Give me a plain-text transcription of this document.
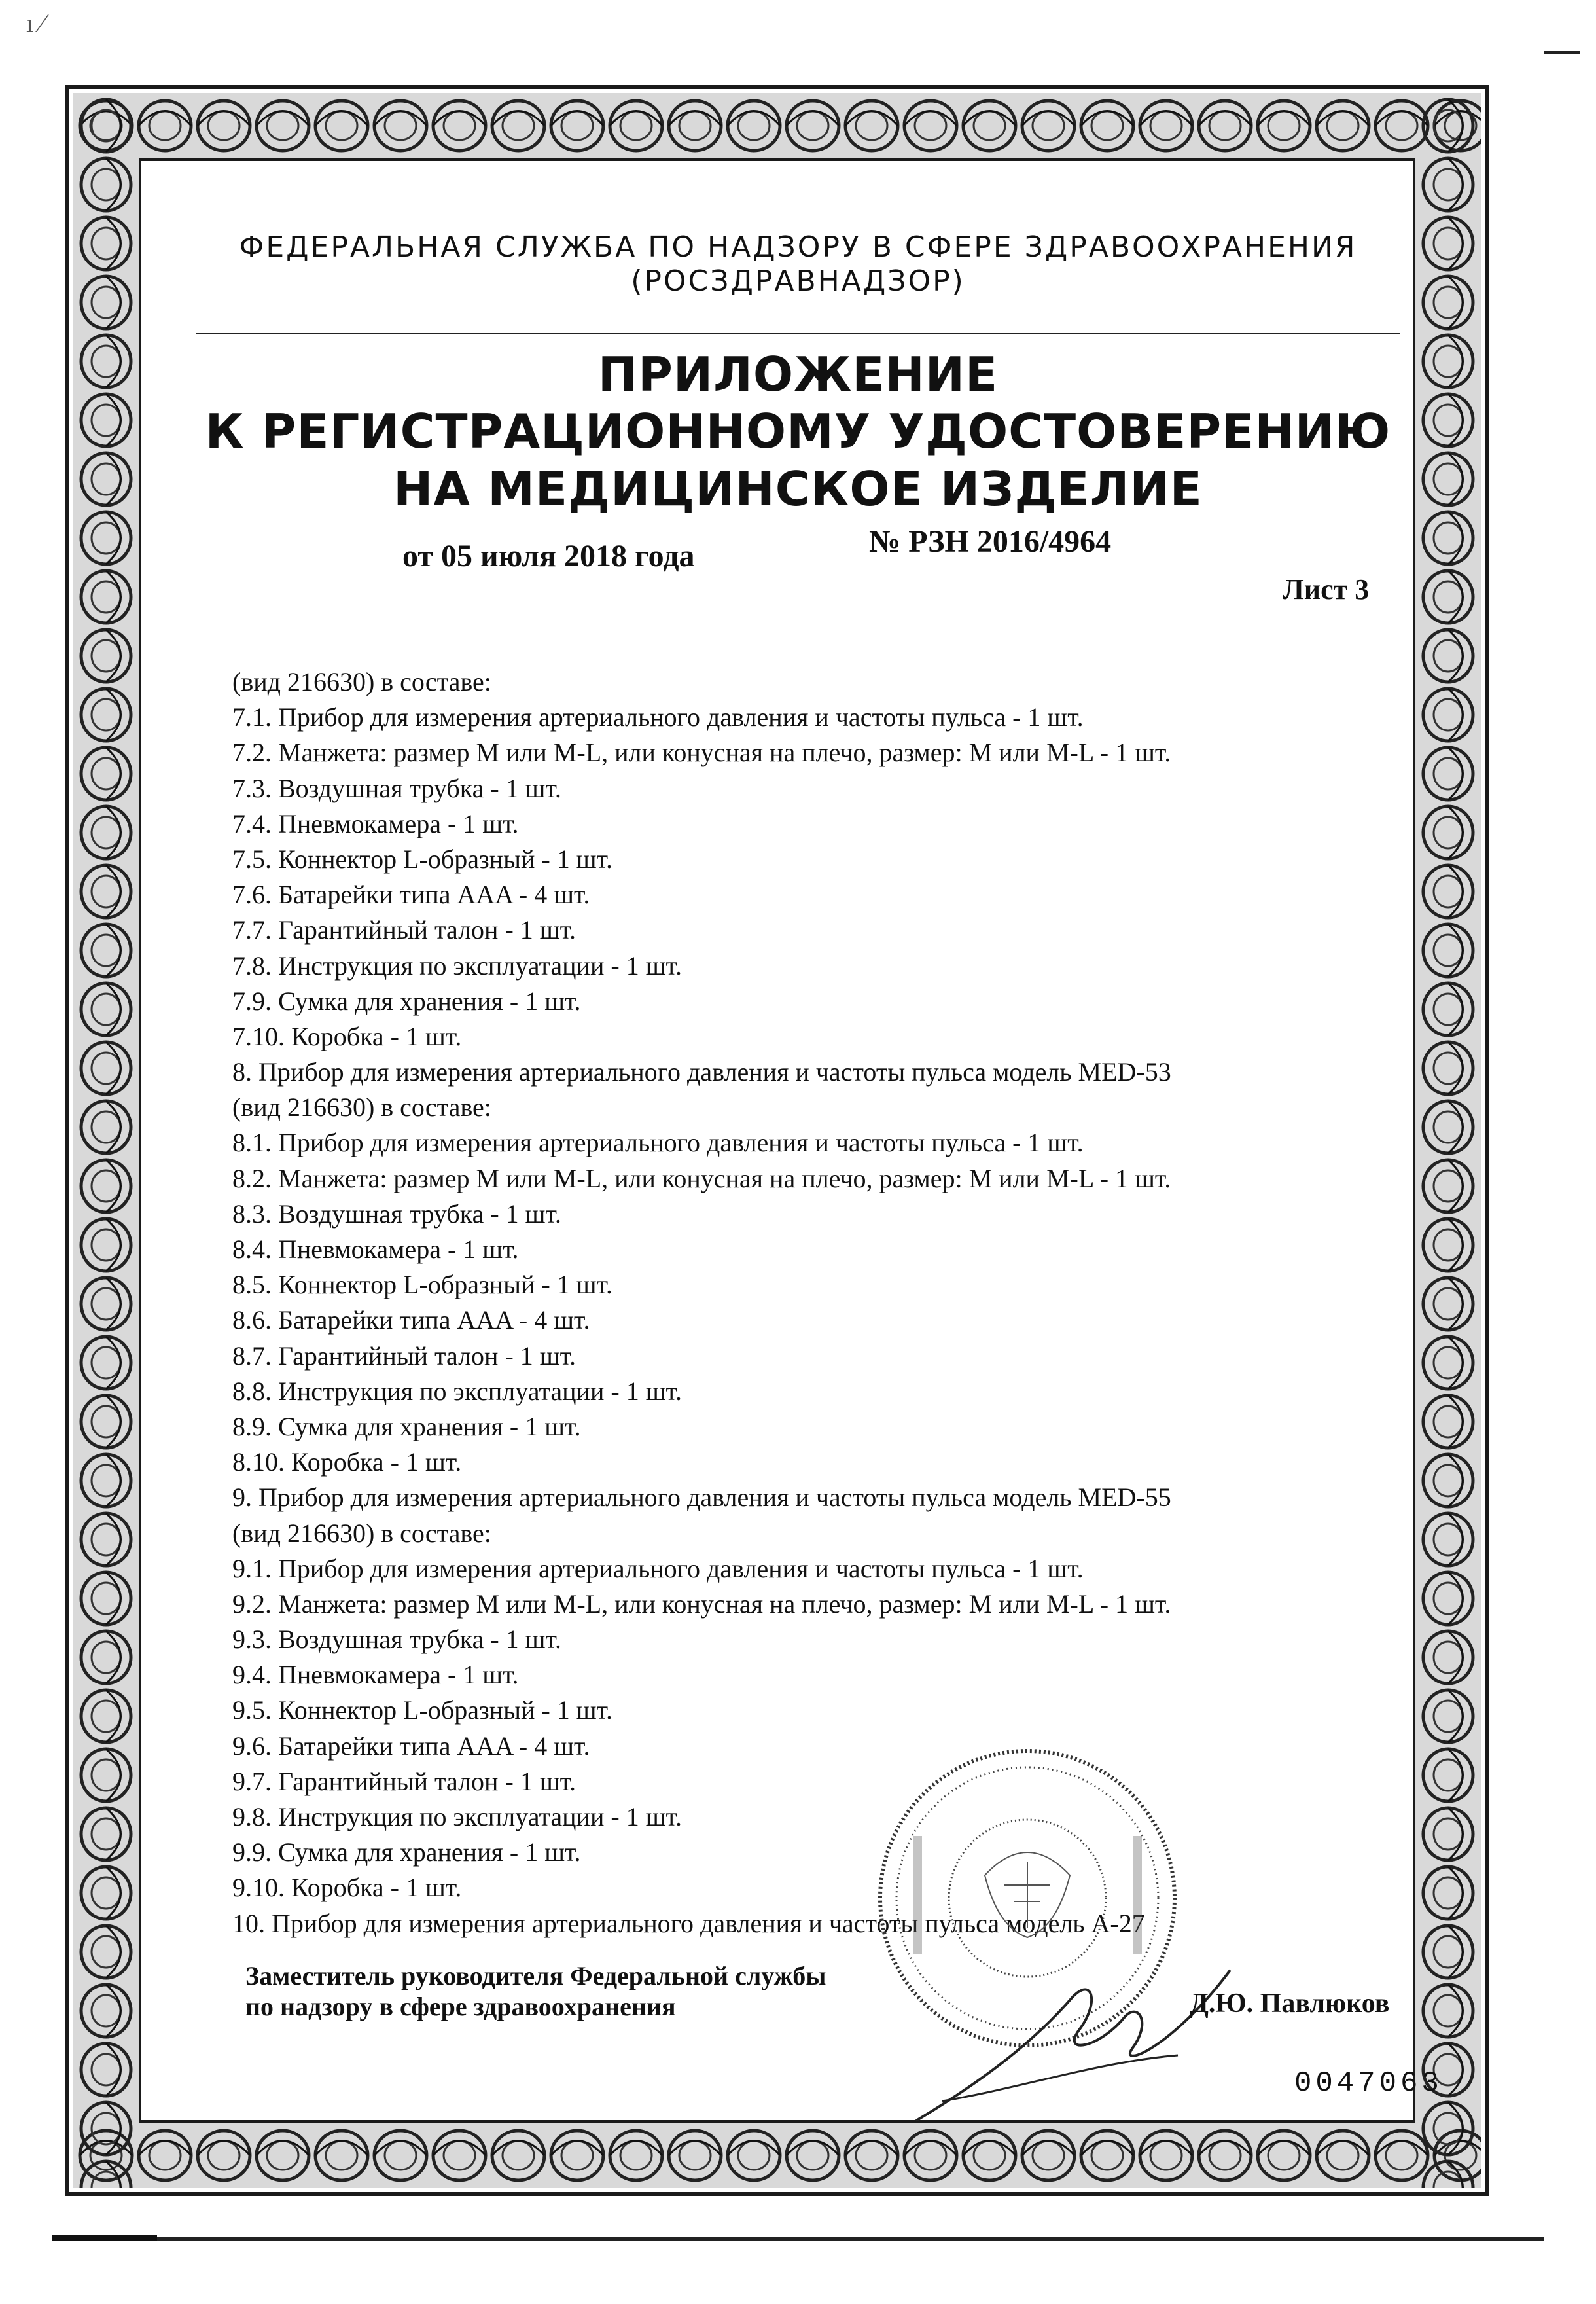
ı ⁄
ФЕДЕРАЛЬНАЯ СЛУЖБА ПО НАДЗОРУ В СФЕРЕ ЗДРАВООХРАНЕНИЯ
(РОСЗДРАВНАДЗОР)
ПРИЛОЖЕНИЕ
К РЕГИСТРАЦИОННОМУ УДОСТОВЕРЕНИЮ
НА МЕДИЦИНСКОЕ ИЗДЕЛИЕ
от 05 июля 2018 года	№ РЗН 2016/4964
Лист 3
(вид 216630) в составе:
7.1. Прибор для измерения артериального давления и частоты пульса - 1 шт.
7.2. Манжета: размер M или M-L, или конусная на плечо, размер: M или M-L - 1 шт.
7.3. Воздушная трубка - 1 шт.
7.4. Пневмокамера - 1 шт.
7.5. Коннектор L-образный - 1 шт.
7.6. Батарейки типа AAA - 4 шт.
7.7. Гарантийный талон - 1 шт.
7.8. Инструкция по эксплуатации - 1 шт.
7.9. Сумка для хранения - 1 шт.
7.10. Коробка - 1 шт.
8. Прибор для измерения артериального давления и частоты пульса модель MED-53
(вид 216630) в составе:
8.1. Прибор для измерения артериального давления и частоты пульса - 1 шт.
8.2. Манжета: размер M или M-L, или конусная на плечо, размер: M или M-L - 1 шт.
8.3. Воздушная трубка - 1 шт.
8.4. Пневмокамера - 1 шт.
8.5. Коннектор L-образный - 1 шт.
8.6. Батарейки типа AAA - 4 шт.
8.7. Гарантийный талон - 1 шт.
8.8. Инструкция по эксплуатации - 1 шт.
8.9. Сумка для хранения - 1 шт.
8.10. Коробка - 1 шт.
9. Прибор для измерения артериального давления и частоты пульса модель MED-55
(вид 216630) в составе:
9.1. Прибор для измерения артериального давления и частоты пульса - 1 шт.
9.2. Манжета: размер M или M-L, или конусная на плечо, размер: M или M-L - 1 шт.
9.3. Воздушная трубка - 1 шт.
9.4. Пневмокамера - 1 шт.
9.5. Коннектор L-образный - 1 шт.
9.6. Батарейки типа AAA - 4 шт.
9.7. Гарантийный талон - 1 шт.
9.8. Инструкция по эксплуатации - 1 шт.
9.9. Сумка для хранения - 1 шт.
9.10. Коробка - 1 шт.
10. Прибор для измерения артериального давления и частоты пульса модель А-27
Заместитель руководителя Федеральной службы
по надзору в сфере здравоохранения	Д.Ю. Павлюков
0047063
